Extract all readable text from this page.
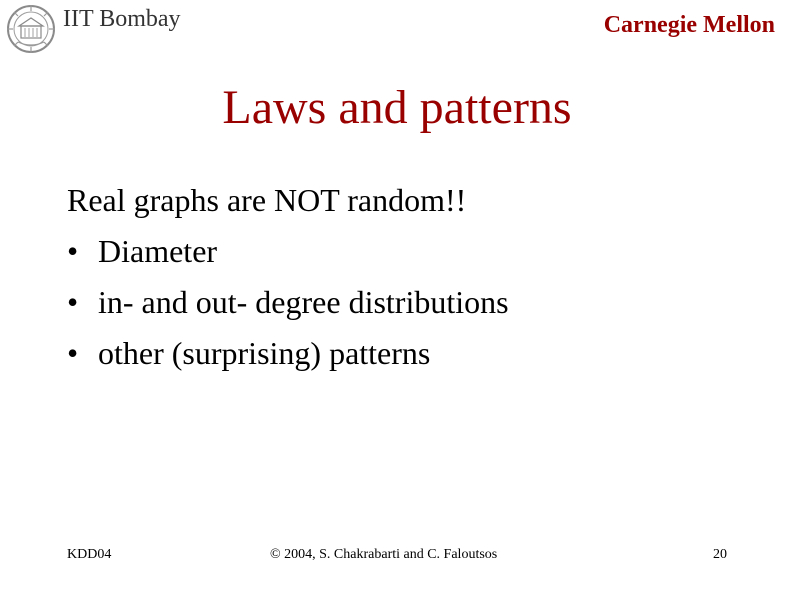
IIT Bombay	Carnegie Mellon
Laws and patterns
Real graphs are NOT random!!
• Diameter
• in- and out- degree distributions
• other (surprising) patterns
KDD04	© 2004, S. Chakrabarti and C. Faloutsos	20
